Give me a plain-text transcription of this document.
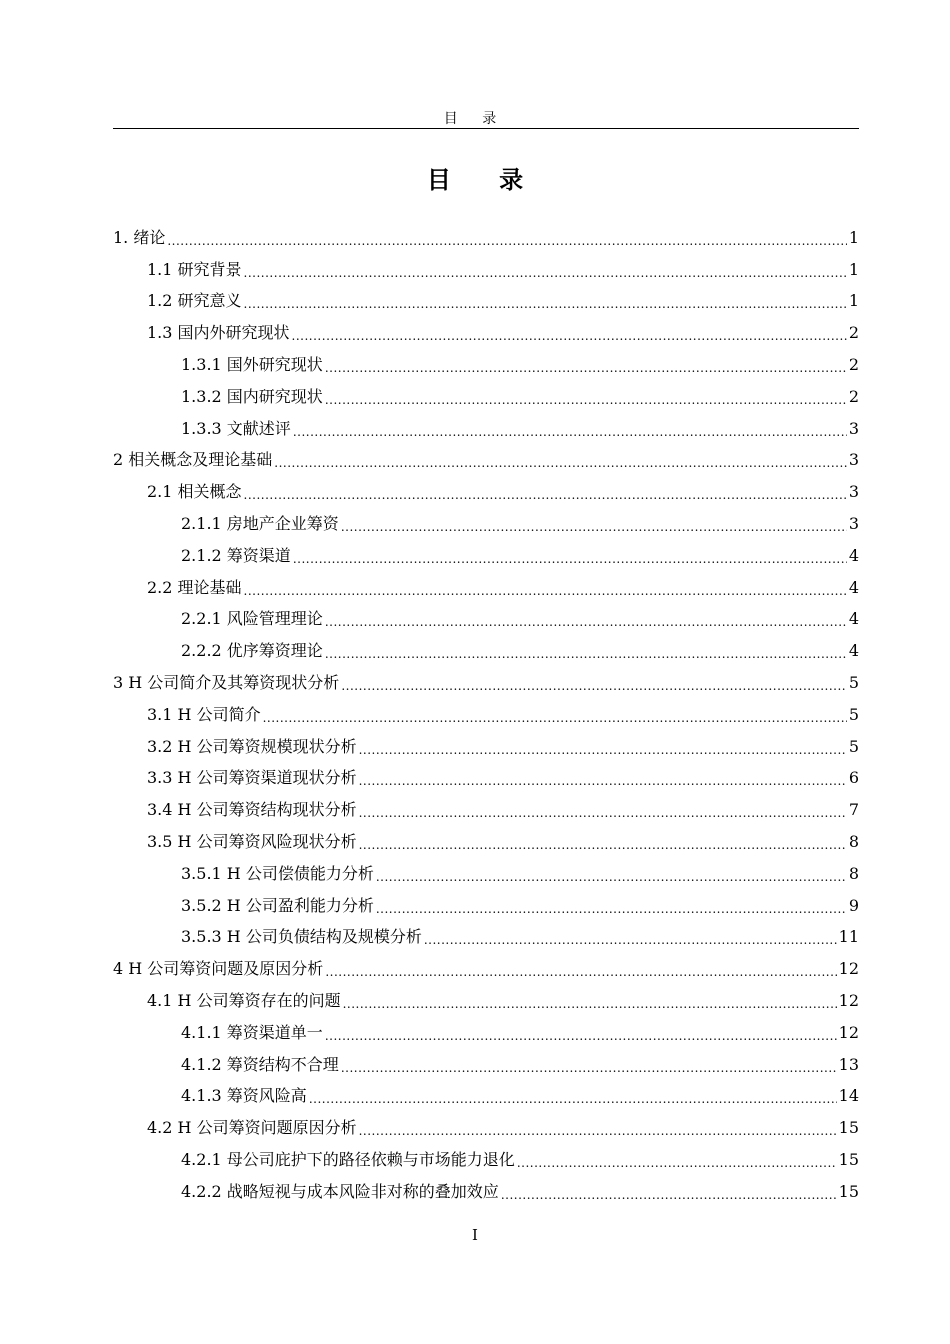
目 录
目 录
1. 绪论 .....	1
1.1 研究背景 .....	1
1.2 研究意义 .....	1
1.3 国内外研究现状 .....	2
1.3.1 国外研究现状 .....	2
1.3.2 国内研究现状 .....	2
1.3.3 文献述评 .....	3
2 相关概念及理论基础 .....	3
2.1 相关概念 .....	3
2.1.1 房地产企业筹资 .....	3
2.1.2 筹资渠道 .....	4
2.2 理论基础 .....	4
2.2.1 风险管理理论 .....	4
2.2.2 优序筹资理论 .....	4
3 H 公司简介及其筹资现状分析 .....	5
3.1 H 公司简介 .....	5
3.2 H 公司筹资规模现状分析 .....	5
3.3 H 公司筹资渠道现状分析 .....	6
3.4 H 公司筹资结构现状分析 .....	7
3.5 H 公司筹资风险现状分析 .....	8
3.5.1 H 公司偿债能力分析 .....	8
3.5.2 H 公司盈利能力分析 .....	9
3.5.3 H 公司负债结构及规模分析 .....	11
4 H 公司筹资问题及原因分析 .....	12
4.1 H 公司筹资存在的问题 .....	12
4.1.1 筹资渠道单一 .....	12
4.1.2 筹资结构不合理 .....	13
4.1.3 筹资风险高 .....	14
4.2 H 公司筹资问题原因分析 .....	15
4.2.1 母公司庇护下的路径依赖与市场能力退化 .....	15
4.2.2 战略短视与成本风险非对称的叠加效应 .....	15
I
